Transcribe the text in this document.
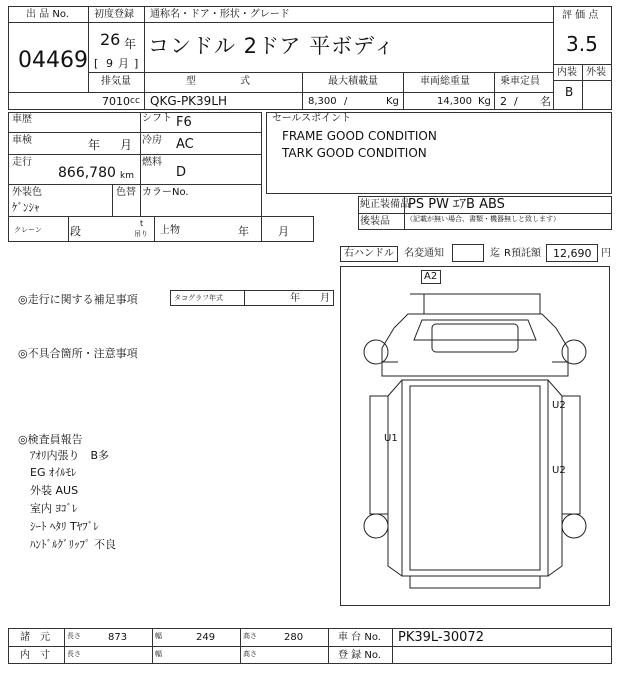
出 品 No.
04469
初度登録
26 年
[ 9 月 ]
通称名・ドア・形状・グレード
コンドル 2ドア 平ボディ
評 価 点
3.5
内装 外装
B
排気量
7010 cc
型　　式
QKG-PK39LH
最大積載量
8,300 /	Kg
車両総重量
14,300 Kg
乗車定員
2 / 名
車歴	シフト F6
車検	年 月 冷房 AC
走行
866,780 km
燃料
D
外装色
ｹﾞﾝｼｬ
色替 カラーNo.
クレーン	段
t
吊り 上物	年	月
セールスポイント
FRAME GOOD CONDITION
TARK GOOD CONDITION
純正装備品
PS PW ｴｱB ABS
後装品 （記載が無い場合、書類・機器無しと致します）
右ハンドル 名変通知	迄 R預託額 12,690 円
◎走行に関する補足事項	タコグラフ年式	年 月
◎不具合箇所・注意事項
◎検査員報告
ｱｵﾘ内張り　B多
EG ｵｲﾙﾓﾚ
外装 AUS
室内 ﾖｺﾞﾚ
ｼｰﾄ ﾍﾀﾘ Tﾔﾌﾞﾚ
ﾊﾝﾄﾞﾙｸﾞﾘｯﾌﾟ 不良
A2
U2
U1
U2
諸　元 長さ	873	幅	249	高さ	280	車 台 No. PK39L-30072
内　寸 長さ	幅	高さ	登 録 No.
